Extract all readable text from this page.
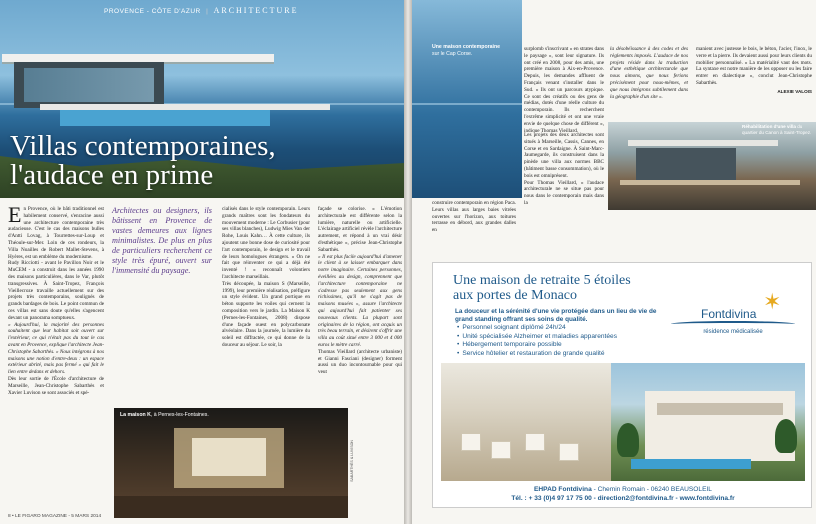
PROVENCE - CÔTE D'AZUR | ARCHITECTURE
Villas contemporaines,
l'audace en prime
E n Provence, où le bâti traditionnel est habilement conservé, s'enracine aussi une architecture contemporaine très audacieuse. C'est le cas des maisons bulles d'Antti Lovag, à Tourrettes-sur-Loup et Théoule-sur-Mer. Loin de ces rondeurs, la Villa Noailles de Robert Mallet-Stevens, à Hyères, est un emblème du modernisme.

Rudy Ricciotti - avant le Pavillon Noir et le MuCEM - a construit dans les années 1990 des maisons particulières, dans le Var, plutôt transgressives. À Saint-Tropez, François Vieillecroze travaille actuellement sur des projets très contemporains, soulignés de grands bardages de bois. Le point commun de ces villas est sans doute qu'elles s'agencent devant un panorama somptueux.

« Aujourd'hui, la majorité des personnes souhaitent que leur habitat soit ouvert sur l'extérieur, ce qui n'était pas du tout le cas avant en Provence, explique l'architecte Jean-Christophe Sabarthès. « Nous intégrons à nos maisons une notion d'entre-deux : un espace extérieur abrité, mais pas fermé » qui fait le lien entre dedans et dehors.

Dès leur sortie de l'École d'architecture de Marseille, Jean-Christophe Sabarthès et Xavier Luvison se sont associés et spé-

Architectes ou designers, ils bâtissent en Provence de vastes demeures aux lignes minimalistes. De plus en plus de particuliers recherchent ce style très épuré, ouvert sur l'immensité du paysage.

cialisés dans le style contemporain. Leurs grands maîtres sont les fondateurs du mouvement moderne : Le Corbusier (pour ses villas blanches), Ludwig Mies Van der Rohe, Louis Kahn… À cette culture, ils ajoutent une bonne dose de curiosité pour l'art contemporain, le design et le travail de leurs homologues étrangers. « On ne fait que réinventer ce qui a déjà été inventé ! » reconnaît volontiers l'architecte marseillais.

Très découpée, la maison S (Marseille, 1999), leur première réalisation, préfigure un style évident. Un grand portique en béton supporte les voiles qui cernent la composition vers le jardin. La Maison K (Pernes-les-Fontaines, 2008) dispose d'une façade ouest en polycarbonate alvéolaire. Dans la journée, la lumière du soleil est diffractée, ce qui donne de la douceur au séjour. Le soir, la

façade se colorise. « L'émotion architecturale est différente selon la lumière, naturelle ou artificielle. L'éclairage artificiel révèle l'architecture autrement, et répond à un vrai désir d'esthétique », précise Jean-Christophe Sabarthès.

« Il est plus facile aujourd'hui d'amener le client à se laisser embarquer dans notre imaginaire. Certaines personnes, éveillées au design, comprennent que l'architecture contemporaine ne s'adresse pas seulement aux gens richissimes, qu'il ne s'agit pas de maisons musées », assure l'architecte qui aujourd'hui fait patienter ses nouveaux clients. La plupart sont originaires de la région, ont acquis un très beau terrain, et désirent s'offrir une villa au coût situé entre 3 000 et 4 000 euros le mètre carré.

Thomas Vieillard (architecte urbaniste) et Gianni Fasciani (designer) forment aussi un duo incontournable pour qui veut

La maison K, à Pernes-les-Fontaines.
SABARTHÈS & LUVISON
8 • LE FIGARO MAGAZINE - 5 MARS 2014
Une maison contemporaine
sur le Cap Corse.

surplomb s'inscrivant « en strates dans le paysage », sont leur signature. Ils ont créé en 2008, pour des amis, une première maison à Aix-en-Provence. Depuis, les demandes affluent de Français venant s'installer dans le Sud. « Ils ont un parcours atypique. Ce sont des créatifs ou des gens de médias, dotés d'une réelle culture du contemporain. Ils recherchent l'extrême simplicité et ont une vraie envie de quelque chose de différent », indique Thomas Vieillard.

la désobéissance à des codes et des règlements imposés. L'audace de nos projets réside dans la traduction d'une esthétique architecturale que nous aimons, que nous ferions précisément pour nous-mêmes, et que nous intégrons subtilement dans la géographie d'un site ».

manient avec justesse le bois, le béton, l'acier, l'inox, le verre et la pierre. Ils devaient aussi pour leurs clients du mobilier personnalisé. « La matérialité vaut des mots. La syntaxe est notre manière de les opposer ou les faire entrer en dialectique », conclut Jean-Christophe Sabarthès.

ALEXIE VALOIS
Réhabilitation d'une villa du quartier du Canon à Saint-Tropez.

construire contemporain en région Paca. Leurs villas aux larges baies vitrées ouvertes sur l'horizon, aux toitures terrasse en débord, aux grandes dalles en

Les projets des deux architectes sont situés à Marseille, Cassis, Cannes, en Corse et en Sardaigne. À Saint-Marc-Jaumegarde, ils construisent dans la pinède une villa aux normes BBC (bâtiment basse consommation), où le bois est omniprésent.

Pour Thomas Vieillard, « l'audace architecturale ne se situe pas pour nous dans le contemporain mais dans la

Une maison de retraite 5 étoiles
aux portes de Monaco
La douceur et la sérénité d'une vie protégée dans un lieu de vie de grand standing offrant ses soins de qualité.
• Personnel soignant diplômé 24h/24
• Unité spécialisée Alzheimer et maladies apparentées
• Hébergement temporaire possible
• Service hôtelier et restauration de grande qualité
✶
Fontdivina
résidence médicalisée
EHPAD Fontdivina - Chemin Romain - 06240 BEAUSOLEIL
Tél. : + 33 (0)4 97 17 75 00 - direction2@fontdivina.fr - www.fontdivina.fr
